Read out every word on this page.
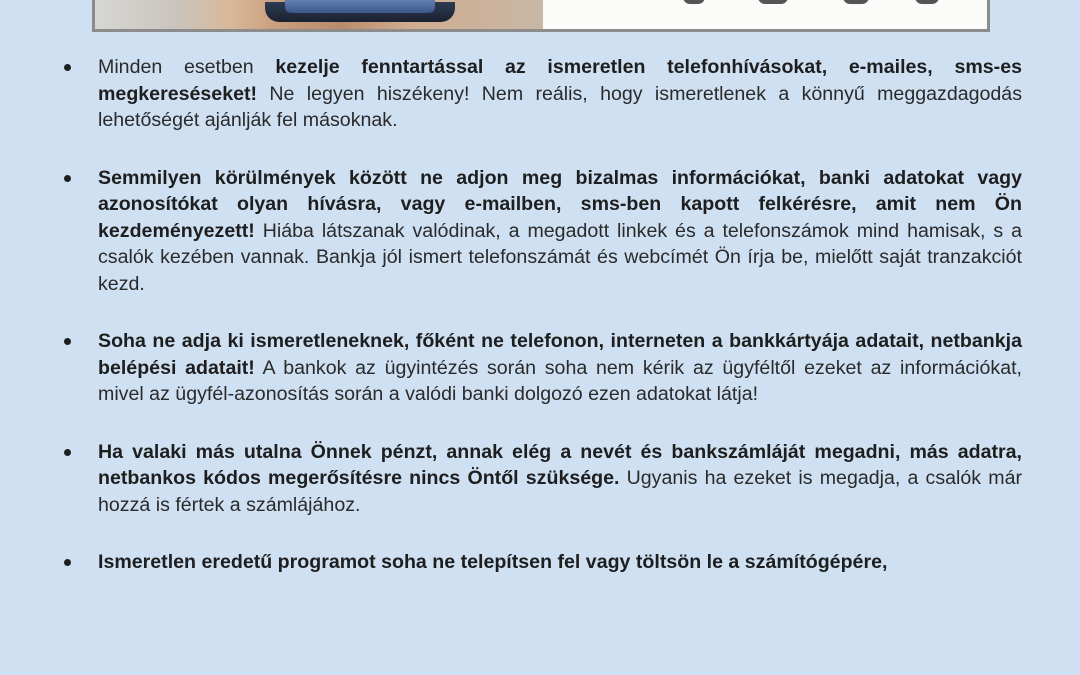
Minden esetben kezelje fenntartással az ismeretlen telefonhívásokat, e-mailes, sms-es megkereséseket! Ne legyen hiszékeny! Nem reális, hogy ismeretlenek a könnyű meggazdagodás lehetőségét ajánlják fel másoknak.
Semmilyen körülmények között ne adjon meg bizalmas információkat, banki adatokat vagy azonosítókat olyan hívásra, vagy e-mailben, sms-ben kapott felkérésre, amit nem Ön kezdeményezett! Hiába látszanak valódinak, a megadott linkek és a telefonszámok mind hamisak, s a csalók kezében vannak. Bankja jól ismert telefonszámát és webcímét Ön írja be, mielőtt saját tranzakciót kezd.
Soha ne adja ki ismeretleneknek, főként ne telefonon, interneten a bankkártyája adatait, netbankja belépési adatait! A bankok az ügyintézés során soha nem kérik az ügyféltől ezeket az információkat, mivel az ügyfél-azonosítás során a valódi banki dolgozó ezen adatokat látja!
Ha valaki más utalna Önnek pénzt, annak elég a nevét és bankszámláját megadni, más adatra, netbankos kódos megerősítésre nincs Öntől szüksége. Ugyanis ha ezeket is megadja, a csalók már hozzá is fértek a számlájához.
Ismeretlen eredetű programot soha ne telepítsen fel vagy töltsön le a számítógépére,
